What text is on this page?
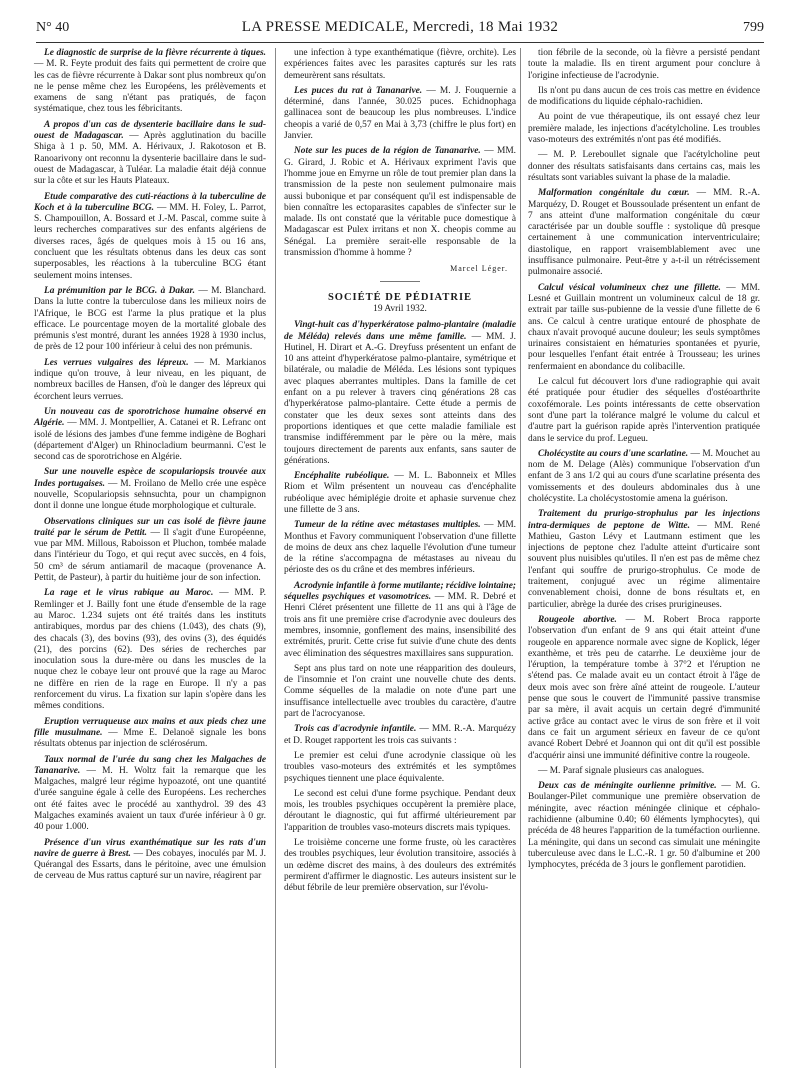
N° 40	LA PRESSE MEDICALE, Mercredi, 18 Mai 1932	799

Le diagnostic de surprise de la fièvre récurrente à tiques. — M. R. Feyte produit des faits qui permettent de croire que les cas de fièvre récurrente à Dakar sont plus nombreux qu'on ne le pense même chez les Européens, les prélèvements et examens de sang n'étant pas pratiqués, de façon systématique, chez tous les fébricitants.

A propos d'un cas de dysenterie bacillaire dans le sud-ouest de Madagascar. — Après agglutination du bacille Shiga à 1 p. 50, MM. A. Hérivaux, J. Rakotoson et B. Ranoarivony ont reconnu la dysenterie bacillaire dans le sud-ouest de Madagascar, à Tuléar. La maladie était déjà connue sur la côte et sur les Hauts Plateaux.

Etude comparative des cuti-réactions à la tuberculine de Koch et à la tuberculine BCG. — MM. H. Foley, L. Parrot, S. Champouillon, A. Bossard et J.-M. Pascal, comme suite à leurs recherches comparatives sur des enfants algériens de diverses races, âgés de quelques mois à 15 ou 16 ans, concluent que les résultats obtenus dans les deux cas sont superposables, les réactions à la tuberculine BCG étant seulement moins intenses.

La prémunition par le BCG. à Dakar. — M. Blanchard. Dans la lutte contre la tuberculose dans les milieux noirs de l'Afrique, le BCG est l'arme la plus pratique et la plus efficace. Le pourcentage moyen de la mortalité globale des prémunis s'est montré, durant les années 1928 à 1930 inclus, de près de 12 pour 100 inférieur à celui des non prémunis.

Les verrues vulgaires des lépreux. — M. Markianos indique qu'on trouve, à leur niveau, en les piquant, de nombreux bacilles de Hansen, d'où le danger des lépreux qui écorchent leurs verrues.

Un nouveau cas de sporotrichose humaine observé en Algérie. — MM. J. Montpellier, A. Catanei et R. Lefranc ont isolé de lésions des jambes d'une femme indigène de Boghari (département d'Alger) un Rhinocladium beurmanni. C'est le second cas de sporotrichose en Algérie.

Sur une nouvelle espèce de scopulariopsis trouvée aux Indes portugaises. — M. Froilano de Mello crée une espèce nouvelle, Scopulariopsis sehnsuchta, pour un champignon dont il donne une longue étude morphologique et culturale.

Observations cliniques sur un cas isolé de fièvre jaune traité par le sérum de Pettit. — Il s'agit d'une Européenne, vue par MM. Millous, Raboisson et Pluchon, tombée malade dans l'intérieur du Togo, et qui reçut avec succès, en 4 fois, 50 cm³ de sérum antiamaril de macaque (provenance A. Pettit, de Pasteur), à partir du huitième jour de son infection.

La rage et le virus rabique au Maroc. — MM. P. Remlinger et J. Bailly font une étude d'ensemble de la rage au Maroc. 1.234 sujets ont été traités dans les instituts antirabiques, mordus par des chiens (1.043), des chats (9), des chacals (3), des bovins (93), des ovins (3), des équidés (21), des porcins (62). Des séries de recherches par inoculation sous la dure-mère ou dans les muscles de la nuque chez le cobaye leur ont prouvé que la rage au Maroc ne diffère en rien de la rage en Europe. Il n'y a pas renforcement du virus. La fixation sur lapin s'opère dans les mêmes conditions.

Eruption verruqueuse aux mains et aux pieds chez une fille musulmane. — Mme E. Delanoë signale les bons résultats obtenus par injection de sclérosérum.

Taux normal de l'urée du sang chez les Malgaches de Tananarive. — M. H. Woltz fait la remarque que les Malgaches, malgré leur régime hypoazoté, ont une quantité d'urée sanguine égale à celle des Européens. Les recherches ont été faites avec le procédé au xanthydrol. 39 des 43 Malgaches examinés avaient un taux d'urée inférieur à 0 gr. 40 pour 1.000.

Présence d'un virus exanthématique sur les rats d'un navire de guerre à Brest. — Des cobayes, inoculés par M. J. Quérangal des Essarts, dans le péritoine, avec une émulsion de cerveau de Mus rattus capturé sur un navire, réagirent par

une infection à type exanthématique (fièvre, orchite). Les expériences faites avec les parasites capturés sur les rats demeurèrent sans résultats.

Les puces du rat à Tananarive. — M. J. Fouquernie a déterminé, dans l'année, 30.025 puces. Echidnophaga gallinacea sont de beaucoup les plus nombreuses. L'indice cheopis a varié de 0,57 en Mai à 3,73 (chiffre le plus fort) en Janvier.

Note sur les puces de la région de Tananarive. — MM. G. Girard, J. Robic et A. Hérivaux expriment l'avis que l'homme joue en Emyrne un rôle de tout premier plan dans la transmission de la peste non seulement pulmonaire mais aussi bubonique et par conséquent qu'il est indispensable de bien connaître les ectoparasites capables de s'infecter sur le malade. Ils ont constaté que la véritable puce domestique à Madagascar est Pulex irritans et non X. cheopis comme au Sénégal. La première serait-elle responsable de la transmission d'homme à homme ?

Marcel Léger.
SOCIÉTÉ DE PÉDIATRIE
19 Avril 1932.

Vingt-huit cas d'hyperkératose palmo-plantaire (maladie de Méléda) relevés dans une même famille. — MM. J. Hutinel, H. Dirart et A.-G. Dreyfuss présentent un enfant de 10 ans atteint d'hyperkératose palmo-plantaire, symétrique et bilatérale, ou maladie de Méléda. Les lésions sont typiques avec plaques aberrantes multiples. Dans la famille de cet enfant on a pu relever à travers cinq générations 28 cas d'hyperkératose palmo-plantaire. Cette étude a permis de constater que les deux sexes sont atteints dans des proportions identiques et que cette maladie familiale est transmise indifféremment par le père ou la mère, mais toujours directement de parents aux enfants, sans sauter de générations.

Encéphalite rubéolique. — M. L. Babonneix et Mlles Riom et Wilm présentent un nouveau cas d'encéphalite rubéolique avec hémiplégie droite et aphasie survenue chez une fillette de 3 ans.

Tumeur de la rétine avec métastases multiples. — MM. Monthus et Favory communiquent l'observation d'une fillette de moins de deux ans chez laquelle l'évolution d'une tumeur de la rétine s'accompagna de métastases au niveau du périoste des os du crâne et des membres inférieurs.

Acrodynie infantile à forme mutilante; récidive lointaine; séquelles psychiques et vasomotrices. — MM. R. Debré et Henri Cléret présentent une fillette de 11 ans qui à l'âge de trois ans fit une première crise d'acrodynie avec douleurs des membres, insomnie, gonflement des mains, insensibilité des extrémités, prurit. Cette crise fut suivie d'une chute des dents avec élimination des séquestres maxillaires sans suppuration.

Sept ans plus tard on note une réapparition des douleurs, de l'insomnie et l'on craint une nouvelle chute des dents. Comme séquelles de la maladie on note d'une part une insuffisance intellectuelle avec troubles du caractère, d'autre part de l'acrocyanose.

Trois cas d'acrodynie infantile. — MM. R.-A. Marquézy et D. Rouget rapportent les trois cas suivants :

Le premier est celui d'une acrodynie classique où les troubles vaso-moteurs des extrémités et les symptômes psychiques tiennent une place équivalente.

Le second est celui d'une forme psychique. Pendant deux mois, les troubles psychiques occupèrent la première place, déroutant le diagnostic, qui fut affirmé ultérieurement par l'apparition de troubles vaso-moteurs discrets mais typiques.

Le troisième concerne une forme fruste, où les caractères des troubles psychiques, leur évolution transitoire, associés à un œdème discret des mains, à des douleurs des extrémités permirent d'affirmer le diagnostic. Les auteurs insistent sur le début fébrile de leur première observation, sur l'évolu-

tion fébrile de la seconde, où la fièvre a persisté pendant toute la maladie. Ils en tirent argument pour conclure à l'origine infectieuse de l'acrodynie.

Ils n'ont pu dans aucun de ces trois cas mettre en évidence de modifications du liquide céphalo-rachidien.

Au point de vue thérapeutique, ils ont essayé chez leur première malade, les injections d'acétylcholine. Les troubles vaso-moteurs des extrémités n'ont pas été modifiés.

— M. P. Lereboullet signale que l'acétylcholine peut donner des résultats satisfaisants dans certains cas, mais les résultats sont variables suivant la phase de la maladie.

Malformation congénitale du cœur. — MM. R.-A. Marquézy, D. Rouget et Boussoulade présentent un enfant de 7 ans atteint d'une malformation congénitale du cœur caractérisée par un double souffle : systolique dû presque certainement à une communication interventriculaire; diastolique, en rapport vraisemblablement avec une insuffisance pulmonaire. Peut-être y a-t-il un rétrécissement pulmonaire associé.

Calcul vésical volumineux chez une fillette. — MM. Lesné et Guillain montrent un volumineux calcul de 18 gr. extrait par taille sus-pubienne de la vessie d'une fillette de 6 ans. Ce calcul à centre uratique entouré de phosphate de chaux n'avait provoqué aucune douleur; les seuls symptômes urinaires consistaient en hématuries spontanées et pyurie, pour lesquelles l'enfant était entrée à Trousseau; les urines renfermaient en abondance du colibacille.

Le calcul fut découvert lors d'une radiographie qui avait été pratiquée pour étudier des séquelles d'ostéoarthrite coxofémorale. Les points intéressants de cette observation sont d'une part la tolérance malgré le volume du calcul et d'autre part la guérison rapide après l'intervention pratiquée dans le service du prof. Legueu.

Cholécystite au cours d'une scarlatine. — M. Mouchet au nom de M. Delage (Alès) communique l'observation d'un enfant de 3 ans 1/2 qui au cours d'une scarlatine présenta des vomissements et des douleurs abdominales dus à une cholécystite. La cholécystostomie amena la guérison.

Traitement du prurigo-strophulus par les injections intra-dermiques de peptone de Witte. — MM. René Mathieu, Gaston Lévy et Lautmann estiment que les injections de peptone chez l'adulte atteint d'urticaire sont souvent plus nuisibles qu'utiles. Il n'en est pas de même chez l'enfant qui souffre de prurigo-strophulus. Ce mode de traitement, conjugué avec un régime alimentaire convenablement choisi, donne de bons résultats et, en particulier, abrège la durée des crises prurigineuses.

Rougeole abortive. — M. Robert Broca rapporte l'observation d'un enfant de 9 ans qui était atteint d'une rougeole en apparence normale avec signe de Koplick, léger exanthème, et très peu de catarrhe. Le deuxième jour de l'éruption, la température tombe à 37°2 et l'éruption ne s'étend pas. Ce malade avait eu un contact étroit à l'âge de deux mois avec son frère aîné atteint de rougeole. L'auteur pense que sous le couvert de l'immunité passive transmise par sa mère, il avait acquis un certain degré d'immunité active grâce au contact avec le virus de son frère et il voit dans ce fait un argument sérieux en faveur de ce qu'ont avancé Robert Debré et Joannon qui ont dit qu'il est possible d'acquérir ainsi une immunité définitive contre la rougeole.

— M. Paraf signale plusieurs cas analogues.

Deux cas de méningite ourlienne primitive. — M. G. Boulanger-Pilet communique une première observation de méningite, avec réaction méningée clinique et céphalo-rachidienne (albumine 0.40; 60 éléments lymphocytes), qui précéda de 48 heures l'apparition de la tuméfaction ourlienne. La méningite, qui dans un second cas simulait une méningite tuberculeuse avec dans le L.C.-R. 1 gr. 50 d'albumine et 200 lymphocytes, précéda de 3 jours le gonflement parotidien.
